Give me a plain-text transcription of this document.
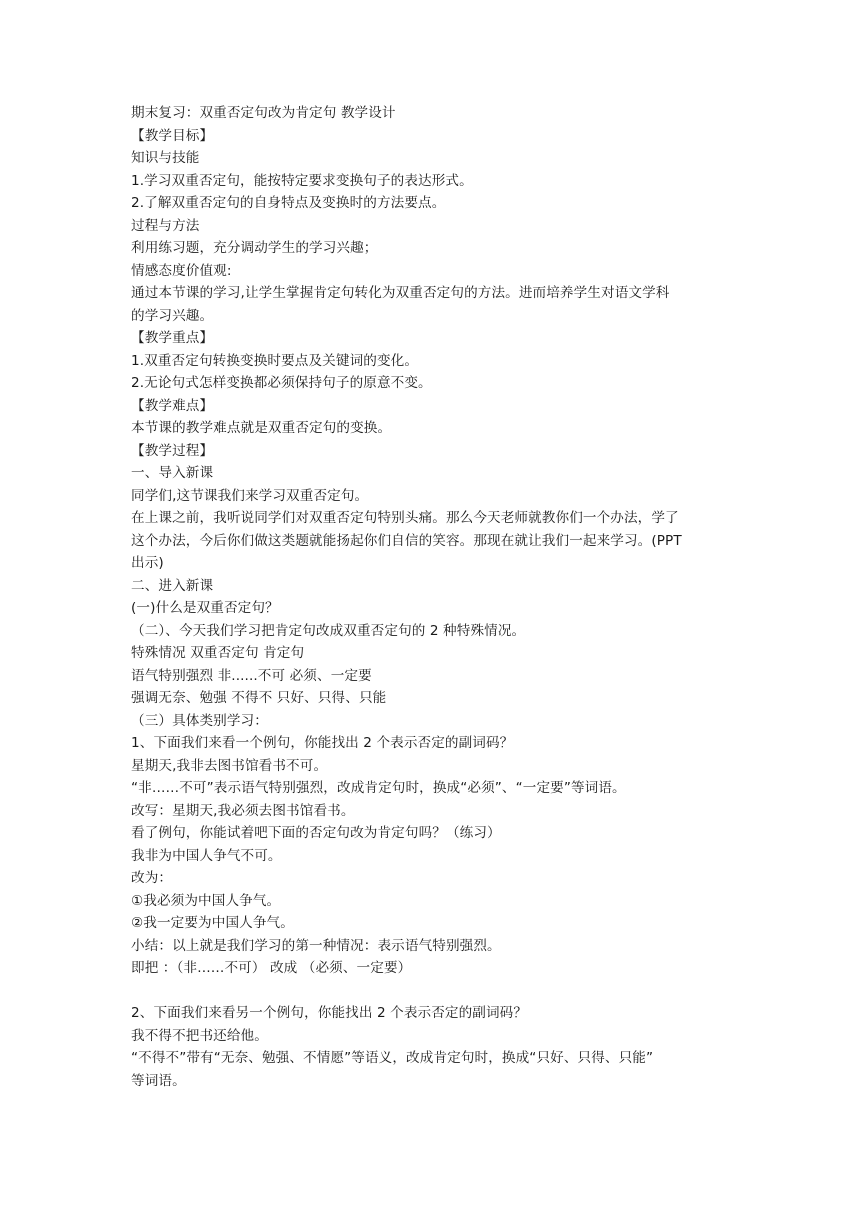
期末复习：双重否定句改为肯定句 教学设计
【教学目标】
知识与技能
1.学习双重否定句，能按特定要求变换句子的表达形式。
2.了解双重否定句的自身特点及变换时的方法要点。
过程与方法
利用练习题，充分调动学生的学习兴趣；
情感态度价值观:
通过本节课的学习,让学生掌握肯定句转化为双重否定句的方法。进而培养学生对语文学科
的学习兴趣。
【教学重点】
1.双重否定句转换变换时要点及关键词的变化。
2.无论句式怎样变换都必须保持句子的原意不变。
【教学难点】
本节课的教学难点就是双重否定句的变换。
【教学过程】
一、导入新课
同学们,这节课我们来学习双重否定句。
在上课之前，我听说同学们对双重否定句特别头痛。那么今天老师就教你们一个办法，学了
这个办法，今后你们做这类题就能扬起你们自信的笑容。那现在就让我们一起来学习。(PPT
出示)
二、进入新课
(一)什么是双重否定句？
（二）、今天我们学习把肯定句改成双重否定句的 2 种特殊情况。
特殊情况 双重否定句 肯定句
语气特别强烈 非......不可 必须、一定要
强调无奈、勉强 不得不 只好、只得、只能
（三）具体类别学习：
1、下面我们来看一个例句，你能找出 2 个表示否定的副词码？
星期天,我非去图书馆看书不可。
“非……不可”表示语气特别强烈，改成肯定句时，换成“必须”、“一定要”等词语。
改写：星期天,我必须去图书馆看书。
看了例句，你能试着吧下面的否定句改为肯定句吗？（练习）
我非为中国人争气不可。
改为：
①我必须为中国人争气。
②我一定要为中国人争气。
小结：以上就是我们学习的第一种情况：表示语气特别强烈。
即把 ：（非……不可） 改成 （必须、一定要）
2、下面我们来看另一个例句，你能找出 2 个表示否定的副词码？
我不得不把书还给他。
“不得不”带有“无奈、勉强、不情愿”等语义，改成肯定句时，换成“只好、只得、只能”
等词语。
